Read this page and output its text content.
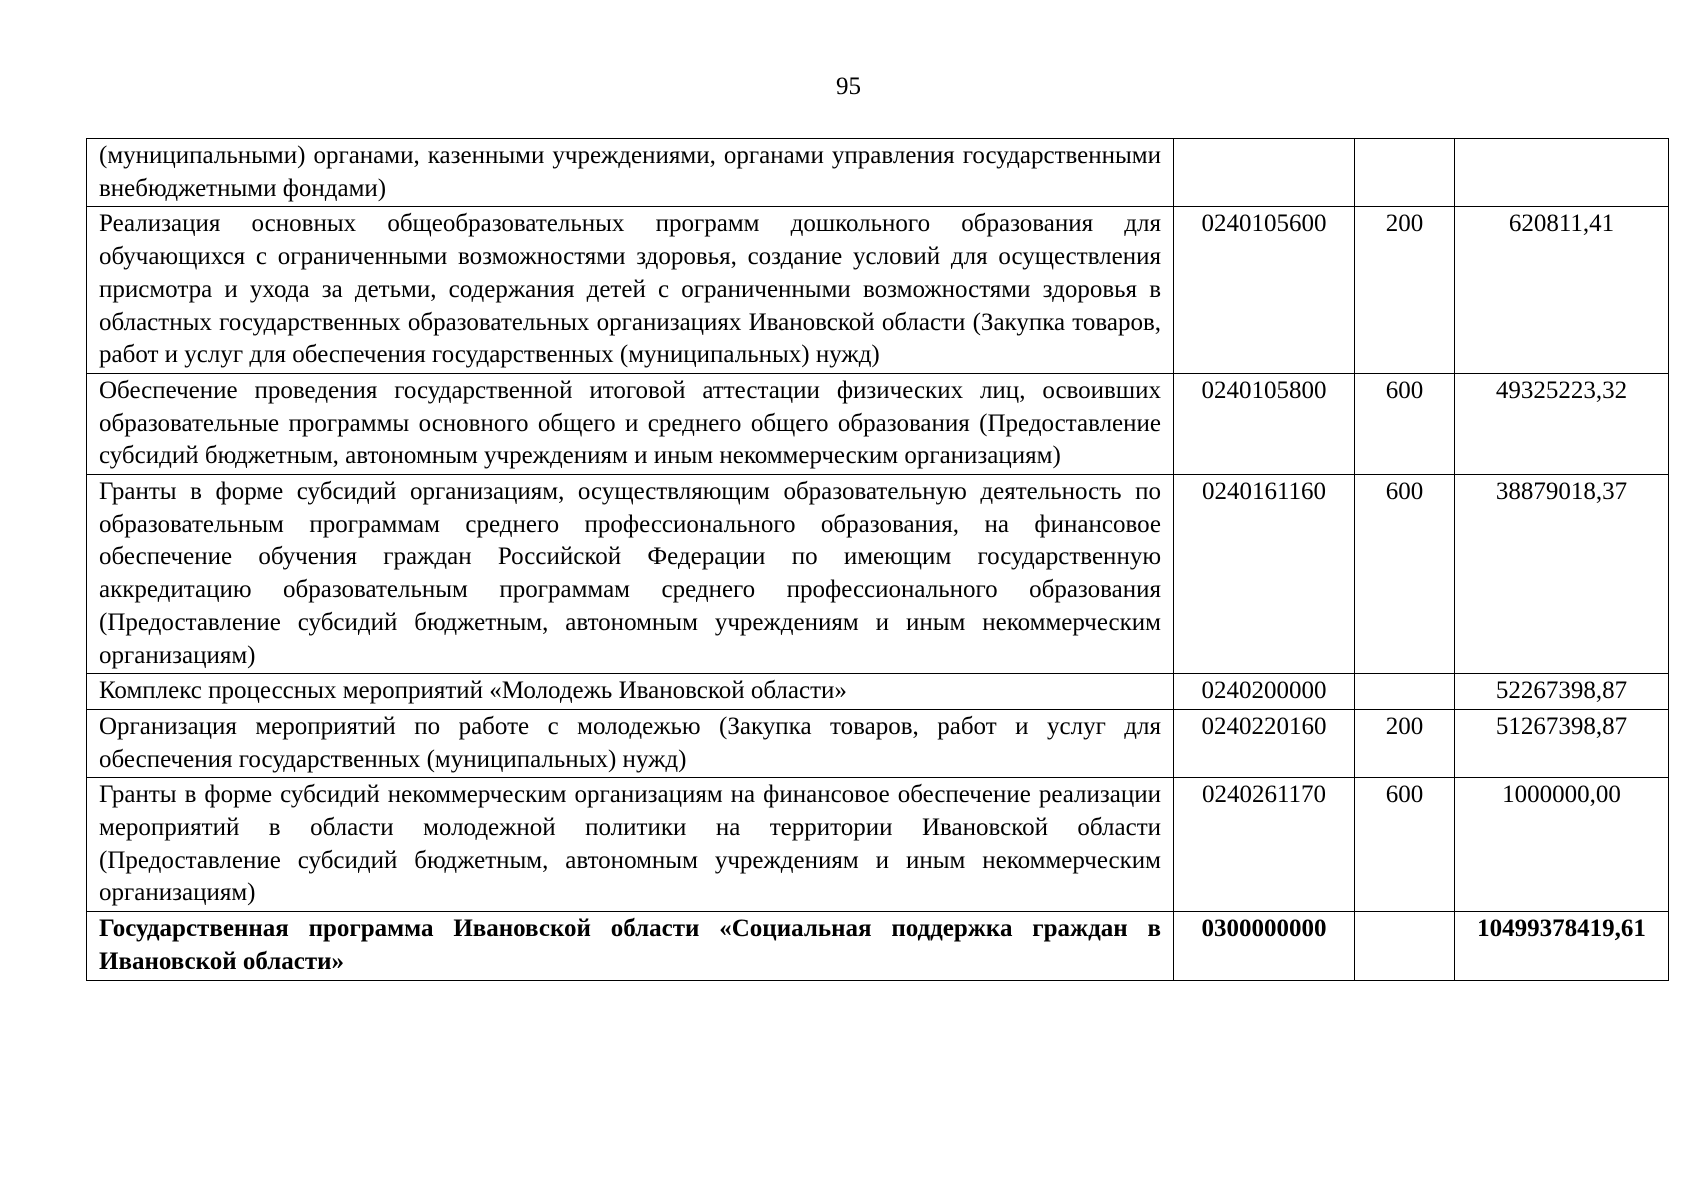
95
(муниципальными) органами, казенными учреждениями, органами управления государственными внебюджетными фондами)			
Реализация основных общеобразовательных программ дошкольного образования для обучающихся с ограниченными возможностями здоровья, создание условий для осуществления присмотра и ухода за детьми, содержания детей с ограниченными возможностями здоровья в областных государственных образовательных организациях Ивановской области (Закупка товаров, работ и услуг для обеспечения государственных (муниципальных) нужд)	0240105600	200	620811,41
Обеспечение проведения государственной итоговой аттестации физических лиц, освоивших образовательные программы основного общего и среднего общего образования (Предоставление субсидий бюджетным, автономным учреждениям и иным некоммерческим организациям)	0240105800	600	49325223,32
Гранты в форме субсидий организациям, осуществляющим образовательную деятельность по образовательным программам среднего профессионального образования, на финансовое обеспечение обучения граждан Российской Федерации по имеющим государственную аккредитацию образовательным программам среднего профессионального образования (Предоставление субсидий бюджетным, автономным учреждениям и иным некоммерческим организациям)	0240161160	600	38879018,37
Комплекс процессных мероприятий «Молодежь Ивановской области»	0240200000		52267398,87
Организация мероприятий по работе с молодежью (Закупка товаров, работ и услуг для обеспечения государственных (муниципальных) нужд)	0240220160	200	51267398,87
Гранты в форме субсидий некоммерческим организациям на финансовое обеспечение реализации мероприятий в области молодежной политики на территории Ивановской области (Предоставление субсидий бюджетным, автономным учреждениям и иным некоммерческим организациям)	0240261170	600	1000000,00
Государственная программа Ивановской области «Социальная поддержка граждан в Ивановской области»	0300000000		10499378419,61
